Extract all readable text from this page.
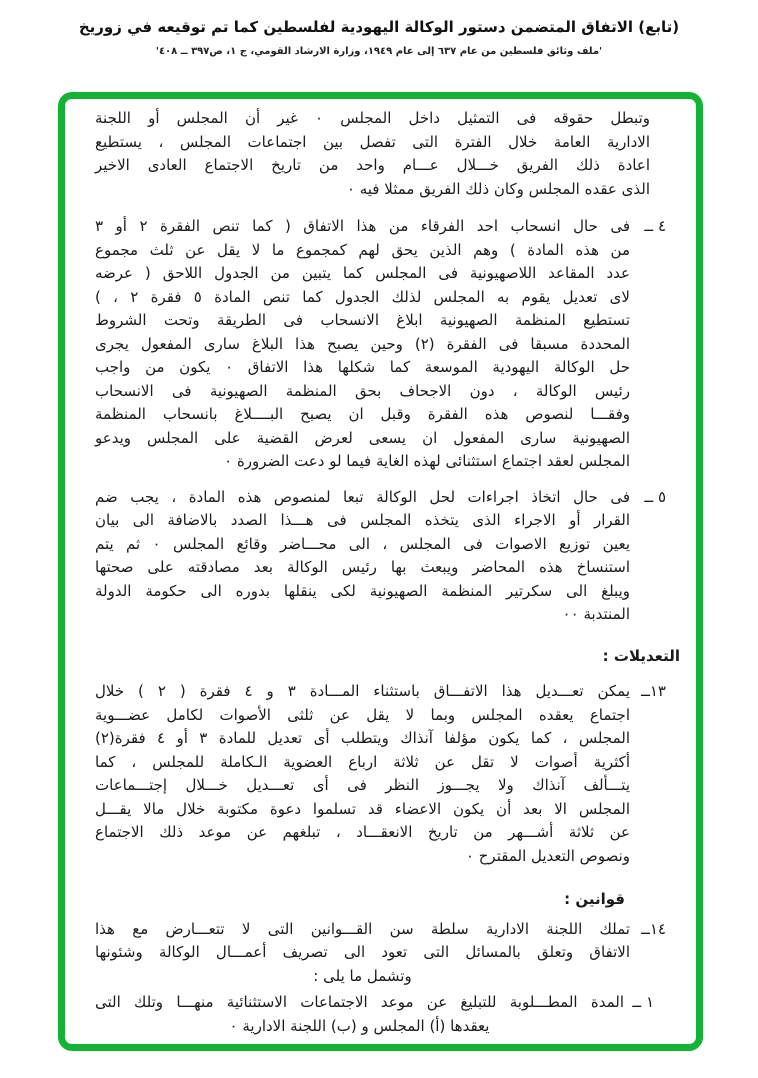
(تابع) الاتفاق المتضمن دستور الوكالة اليهودية لفلسطين كما تم توقيعه في زوريخ
'ملف وثائق فلسطين من عام ٦٣٧ إلى عام ١٩٤٩، وزارة الارشاد القومي، ج ١، ص٣٩٧ ــ ٤٠٨'
وتبطل حقوقه فى التمثيل داخل المجلس ٠ غير أن المجلس أو اللجنة
الادارية العامة خلال الفترة التى تفصل بين اجتماعات المجلس ، يستطيع
اعادة ذلك الفريق خـــلال عـــام واحد من تاريخ الاجتماع العادى الاخير
الذى عقده المجلس وكان ذلك الفريق ممثلا فيه ٠
٤ ــ
فى حال انسحاب احد الفرقاء من هذا الاتفاق ( كما تنص الفقرة ٢ أو ٣
من هذه المادة ) وهم الذين يحق لهم كمجموع ما لا يقل عن ثلث مجموع
عدد المقاعد اللاصهيونية فى المجلس كما يتبين من الجدول اللاحق ( عرضه
لاى تعديل يقوم به المجلس لذلك الجدول كما تنص المادة ٥ فقرة ٢ ، )
تستطيع المنظمة الصهيونية ابلاغ الانسحاب فى الطريقة وتحت الشروط
المحددة مسبقا فى الفقرة (٢) وحين يصبح هذا البلاغ سارى المفعول يجرى
حل الوكالة اليهودية الموسعة كما شكلها هذا الاتفاق ٠ يكون من واجب
رئيس الوكالة ، دون الاجحاف بحق المنظمة الصهيونية فى الانسحاب
وفقـــا لنصوص هذه الفقرة وقبل ان يصبح البــــلاغ بانسحاب المنظمة
الصهيونية سارى المفعول ان يسعى لعرض القضية على المجلس ويدعو
المجلس لعقد اجتماع استثنائى لهذه الغاية فيما لو دعت الضرورة ٠
٥ ــ
فى حال اتخاذ اجراءات لحل الوكالة تبعا لمنصوص هذه المادة ، يجب ضم
القرار أو الاجراء الذى يتخذه المجلس فى هـــذا الصدد بالاضافة الى بيان
يعين توزيع الاصوات فى المجلس ، الى محـــاضر وقائع المجلس ٠ ثم يتم
استنساخ هذه المحاضر ويبعث بها رئيس الوكالة بعد مصادقته على صحتها
ويبلغ الى سكرتير المنظمة الصهيونية لكى ينقلها بدوره الى حكومة الدولة
المنتدبة ٠٠
التعديلات :
١٣ــ
يمكن تعـــديل هذا الاتفـــاق باستثناء المـــادة ٣ و ٤ فقرة ( ٢ ) خلال
اجتماع يعقده المجلس وبما لا يقل عن ثلثى الأصوات لكامل عضـــوية
المجلس ، كما يكون مؤلفا آنذاك ويتطلب أى تعديل للمادة ٣ أو ٤ فقرة(٢)
أكثرية أصوات لا تقل عن ثلاثة ارباع العضوية الـكاملة للمجلس ، كما
يتـــألف آنذاك ولا يجـــوز النظر فى أى تعـــديل خـــلال إجتـــماعات
المجلس الا بعد أن يكون الاعضاء قد تسلموا دعوة مكتوبة خلال مالا يقـــل
عن ثلاثة أشـــهر من تاريخ الانعقـــاد ، تبلغهم عن موعد ذلك الاجتماع
ونصوص التعديل المقترح ٠
قوانين :
١٤ــ
تملك اللجنة الادارية سلطة سن القـــوانين التى لا تتعـــارض مع هذا
الاتفاق وتعلق بالمسائل التى تعود الى تصريف أعمـــال الوكالة وشئونها
وتشمل ما يلى :
١ ــ
المدة المطـــلوبة للتبليغ عن موعد الاجتماعات الاستثنائية منهـــا وتلك التى
يعقدها (أ) المجلس و (ب) اللجنة الادارية ٠
